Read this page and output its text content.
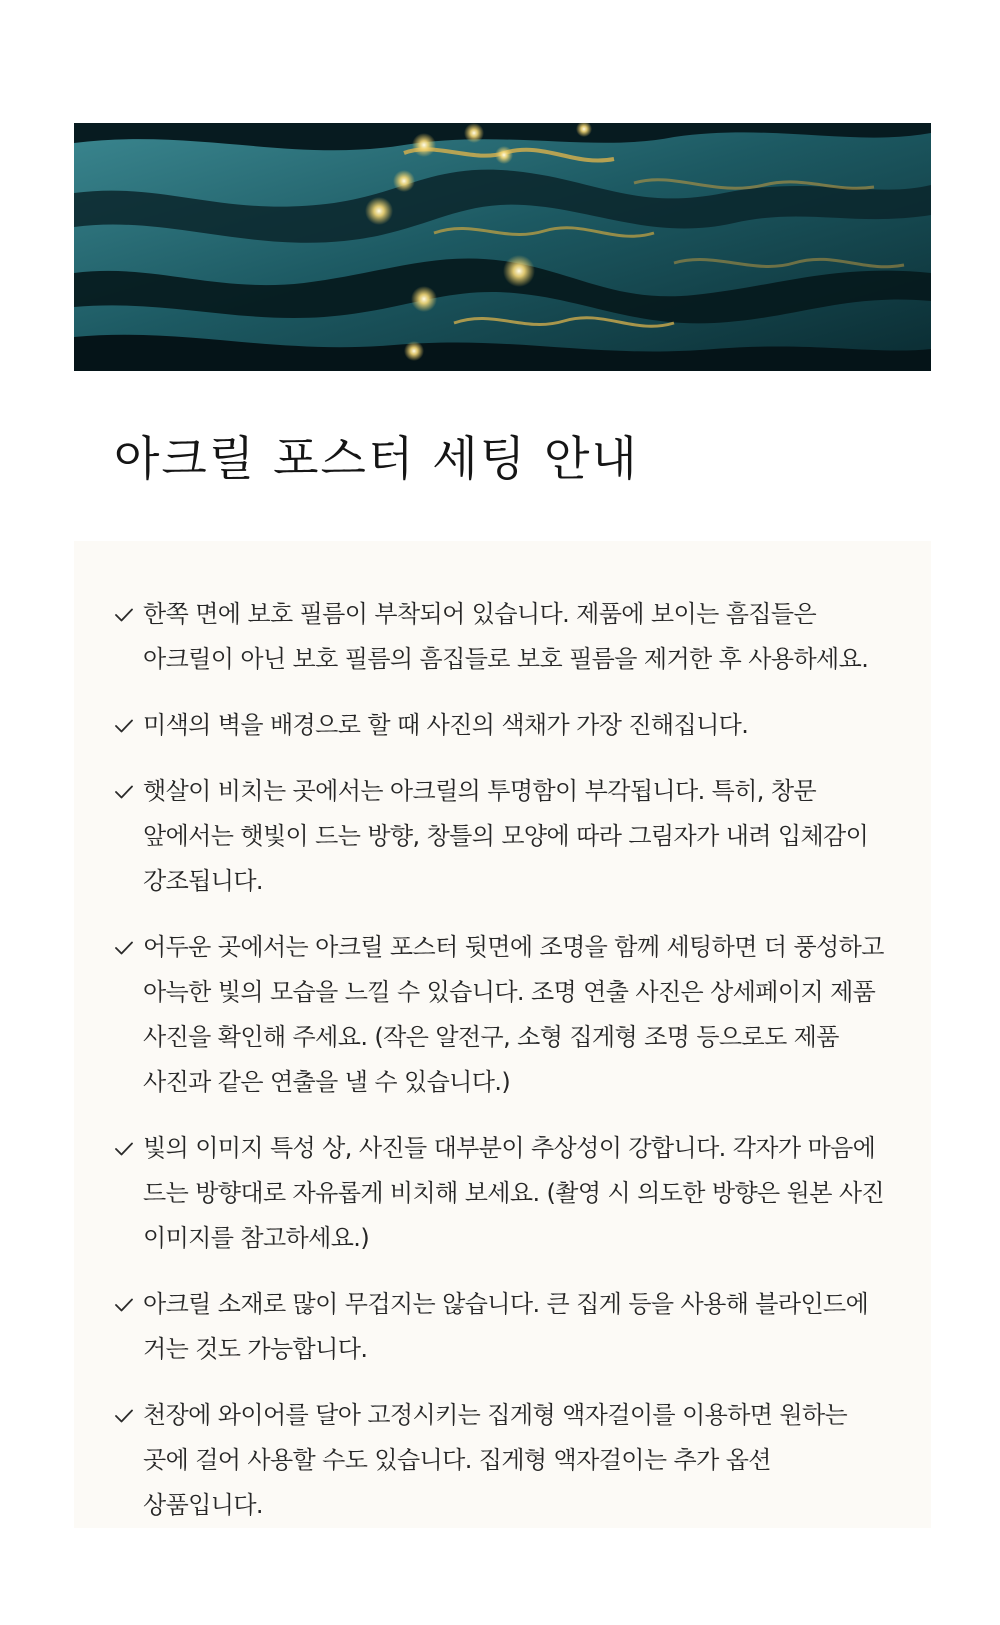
아크릴 포스터 세팅 안내
한쪽 면에 보호 필름이 부착되어 있습니다. 제품에 보이는 흠집들은 아크릴이 아닌 보호 필름의 흠집들로 보호 필름을 제거한 후 사용하세요.
미색의 벽을 배경으로 할 때 사진의 색채가 가장 진해집니다.
햇살이 비치는 곳에서는 아크릴의 투명함이 부각됩니다. 특히, 창문 앞에서는 햇빛이 드는 방향, 창틀의 모양에 따라 그림자가 내려 입체감이 강조됩니다.
어두운 곳에서는 아크릴 포스터 뒷면에 조명을 함께 세팅하면 더 풍성하고 아늑한 빛의 모습을 느낄 수 있습니다. 조명 연출 사진은 상세페이지 제품 사진을 확인해 주세요. (작은 알전구, 소형 집게형 조명 등으로도 제품 사진과 같은 연출을 낼 수 있습니다.)
빛의 이미지 특성 상, 사진들 대부분이 추상성이 강합니다. 각자가 마음에 드는 방향대로 자유롭게 비치해 보세요. (촬영 시 의도한 방향은 원본 사진 이미지를 참고하세요.)
아크릴 소재로 많이 무겁지는 않습니다. 큰 집게 등을 사용해 블라인드에 거는 것도 가능합니다.
천장에 와이어를 달아 고정시키는 집게형 액자걸이를 이용하면 원하는 곳에 걸어 사용할 수도 있습니다. 집게형 액자걸이는 추가 옵션 상품입니다.
